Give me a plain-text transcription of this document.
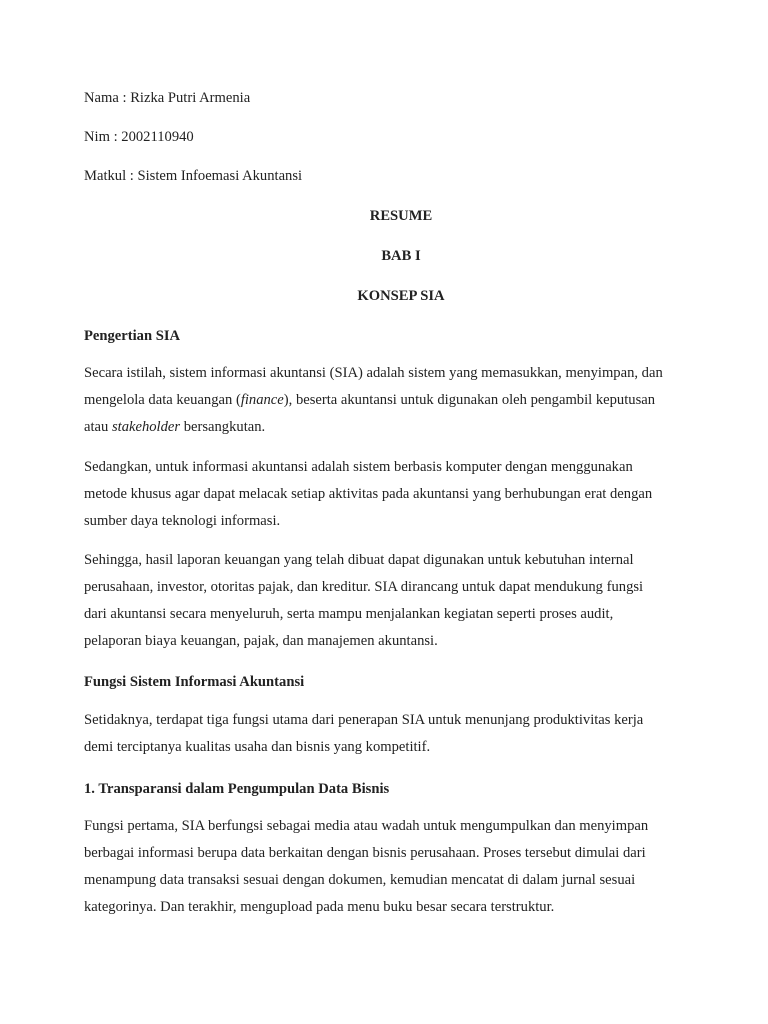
Nama : Rizka Putri Armenia
Nim : 2002110940
Matkul : Sistem Infoemasi Akuntansi
RESUME
BAB I
KONSEP SIA
Pengertian SIA
Secara istilah, sistem informasi akuntansi (SIA) adalah sistem yang memasukkan, menyimpan, dan
mengelola data keuangan (finance), beserta akuntansi untuk digunakan oleh pengambil keputusan
atau stakeholder bersangkutan.
Sedangkan, untuk informasi akuntansi adalah sistem berbasis komputer dengan menggunakan
metode khusus agar dapat melacak setiap aktivitas pada akuntansi yang berhubungan erat dengan
sumber daya teknologi informasi.
Sehingga, hasil laporan keuangan yang telah dibuat dapat digunakan untuk kebutuhan internal
perusahaan, investor, otoritas pajak, dan kreditur. SIA dirancang untuk dapat mendukung fungsi
dari akuntansi secara menyeluruh, serta mampu menjalankan kegiatan seperti proses audit,
pelaporan biaya keuangan, pajak, dan manajemen akuntansi.
Fungsi Sistem Informasi Akuntansi
Setidaknya, terdapat tiga fungsi utama dari penerapan SIA untuk menunjang produktivitas kerja
demi terciptanya kualitas usaha dan bisnis yang kompetitif.
1. Transparansi dalam Pengumpulan Data Bisnis
Fungsi pertama, SIA berfungsi sebagai media atau wadah untuk mengumpulkan dan menyimpan
berbagai informasi berupa data berkaitan dengan bisnis perusahaan. Proses tersebut dimulai dari
menampung data transaksi sesuai dengan dokumen, kemudian mencatat di dalam jurnal sesuai
kategorinya. Dan terakhir, mengupload pada menu buku besar secara terstruktur.
